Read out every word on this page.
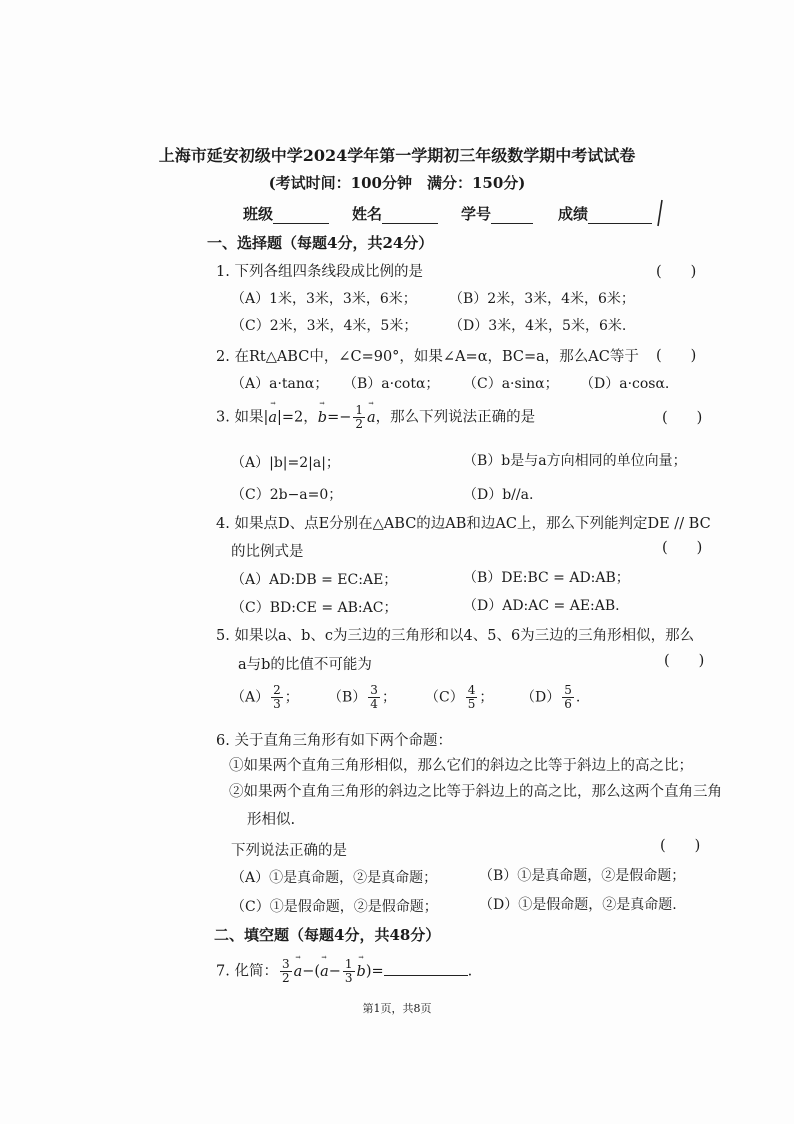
上海市延安初级中学2024学年第一学期初三年级数学期中考试试卷
(考试时间：100分钟　满分：150分)
班级	姓名	学号	成绩
一、选择题（每题4分，共24分）
1. 下列各组四条线段成比例的是	(　　)
（A）1米，3米，3米，6米； （B）2米，3米，4米，6米；
（C）2米，3米，4米，5米； （D）3米，4米，5米，6米.
2. 在Rt△ABC中，∠C=90°，如果∠A=α，BC=a，那么AC等于 (　　)
（A）a·tanα； （B）a·cotα； （C）a·sinα； （D）a·cosα.
3. 如果|→ a|=2，→ $b=- \frac{1}{2}$
→ a，那么下列说法正确的是	(　　)
（A）|b|=2|a|；	（B）b是与a方向相同的单位向量；
（C）2b−a=0；	（D）b//a.
4. 如果点D、点E分别在△ABC的边AB和边AC上，那么下列能判定DE // BC
的比例式是	(　　)
（A）AD:DB = EC:AE；	（B）DE:BC = AD:AB；
（C）BD:CE = AB:AC；	（D）AD:AC = AE:AB.
5. 如果以a、b、c为三边的三角形和以4、5、6为三边的三角形相似，那么
a与b的比值不可能为	(　　)
$(A) \frac{2}{3}$ ； $(B) \frac{3}{4}$ ； $(C) \frac{4}{5}$ ； $(D) \frac{5}{6}$ .
6. 关于直角三角形有如下两个命题：
①如果两个直角三角形相似，那么它们的斜边之比等于斜边上的高之比；
②如果两个直角三角形的斜边之比等于斜边上的高之比，那么这两个直角三角
形相似.
下列说法正确的是	(　　)
（A）①是真命题，②是真命题；	（B）①是真命题，②是假命题；
（C）①是假命题，②是假命题；	（D）①是假命题，②是真命题.
二、填空题（每题4分，共48分）
7. 化简： $\frac{3}{2}$
→ $a-(\to a- \frac{1}{3}$
→ b)=	.
第1页，共8页
